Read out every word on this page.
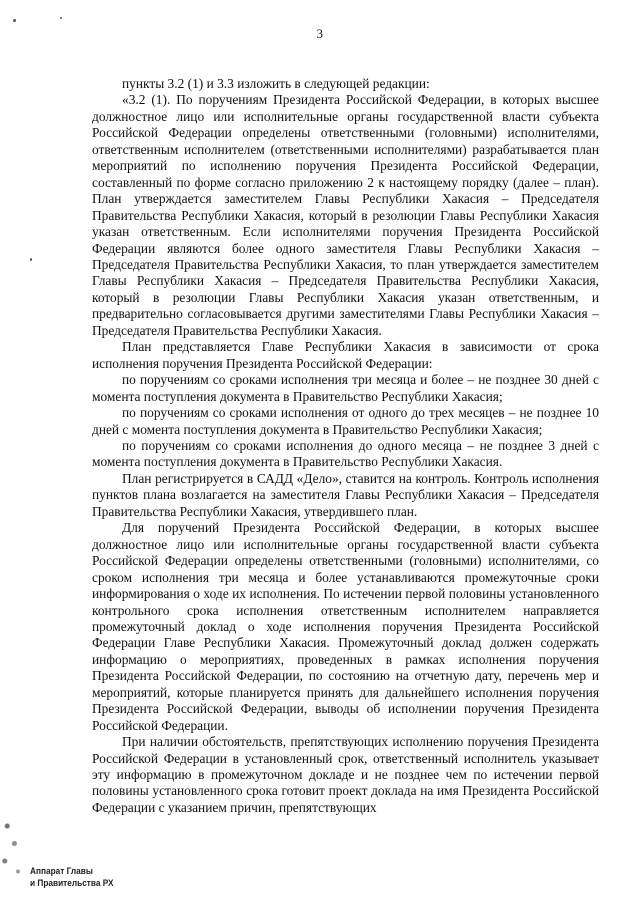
3

пункты 3.2 (1) и 3.3 изложить в следующей редакции:

«3.2 (1). По поручениям Президента Российской Федерации, в которых высшее должностное лицо или исполнительные органы государственной власти субъекта Российской Федерации определены ответственными (головными) исполнителями, ответственным исполнителем (ответственными исполнителями) разрабатывается план мероприятий по исполнению поручения Президента Российской Федерации, составленный по форме согласно приложению 2 к настоящему порядку (далее – план). План утверждается заместителем Главы Республики Хакасия – Председателя Правительства Республики Хакасия, который в резолюции Главы Республики Хакасия указан ответственным. Если исполнителями поручения Президента Российской Федерации являются более одного заместителя Главы Республики Хакасия – Председателя Правительства Республики Хакасия, то план утверждается заместителем Главы Республики Хакасия – Председателя Правительства Республики Хакасия, который в резолюции Главы Республики Хакасия указан ответственным, и предварительно согласовывается другими заместителями Главы Республики Хакасия – Председателя Правительства Республики Хакасия.

План представляется Главе Республики Хакасия в зависимости от срока исполнения поручения Президента Российской Федерации:

по поручениям со сроками исполнения три месяца и более – не позднее 30 дней с момента поступления документа в Правительство Республики Хакасия;

по поручениям со сроками исполнения от одного до трех месяцев – не позднее 10 дней с момента поступления документа в Правительство Республики Хакасия;

по поручениям со сроками исполнения до одного месяца – не позднее 3 дней с момента поступления документа в Правительство Республики Хакасия.

План регистрируется в САДД «Дело», ставится на контроль. Контроль исполнения пунктов плана возлагается на заместителя Главы Республики Хакасия – Председателя Правительства Республики Хакасия, утвердившего план.

Для поручений Президента Российской Федерации, в которых высшее должностное лицо или исполнительные органы государственной власти субъекта Российской Федерации определены ответственными (головными) исполнителями, со сроком исполнения три месяца и более устанавливаются промежуточные сроки информирования о ходе их исполнения. По истечении первой половины установленного контрольного срока исполнения ответственным исполнителем направляется промежуточный доклад о ходе исполнения поручения Президента Российской Федерации Главе Республики Хакасия. Промежуточный доклад должен содержать информацию о мероприятиях, проведенных в рамках исполнения поручения Президента Российской Федерации, по состоянию на отчетную дату, перечень мер и мероприятий, которые планируется принять для дальнейшего исполнения поручения Президента Российской Федерации, выводы об исполнении поручения Президента Российской Федерации.

При наличии обстоятельств, препятствующих исполнению поручения Президента Российской Федерации в установленный срок, ответственный исполнитель указывает эту информацию в промежуточном докладе и не позднее чем по истечении первой половины установленного срока готовит проект доклада на имя Президента Российской Федерации с указанием причин, препятствующих

Аппарат Главы
и Правительства РХ
